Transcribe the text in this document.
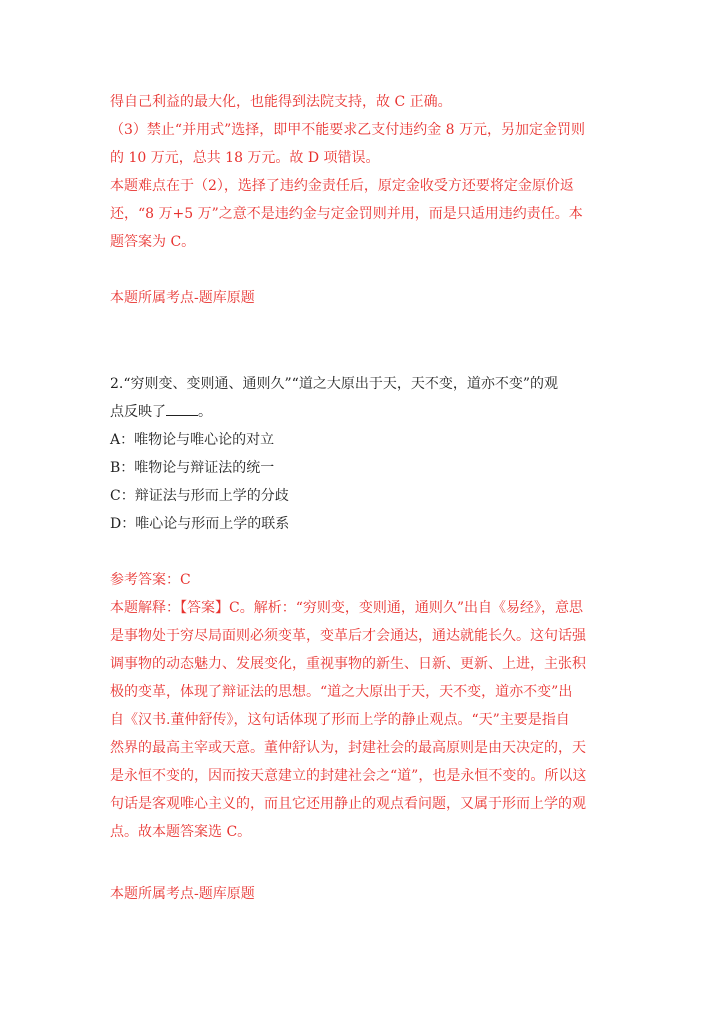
得自己利益的最大化，也能得到法院支持，故 C 正确。
（3）禁止“并用式”选择，即甲不能要求乙支付违约金 8 万元，另加定金罚则
的 10 万元，总共 18 万元。故 D 项错误。
本题难点在于（2），选择了违约金责任后，原定金收受方还要将定金原价返
还，“8 万+5 万”之意不是违约金与定金罚则并用，而是只适用违约责任。本
题答案为 C。
本题所属考点-题库原题
2.“穷则变、变则通、通则久”“道之大原出于天，天不变，道亦不变”的观
点反映了 。
A：唯物论与唯心论的对立
B：唯物论与辩证法的统一
C：辩证法与形而上学的分歧
D：唯心论与形而上学的联系
参考答案：C
本题解释：【答案】C。解析：“穷则变，变则通，通则久”出自《易经》，意思
是事物处于穷尽局面则必须变革，变革后才会通达，通达就能长久。这句话强
调事物的动态魅力、发展变化，重视事物的新生、日新、更新、上进，主张积
极的变革，体现了辩证法的思想。“道之大原出于天，天不变，道亦不变”出
自《汉书.董仲舒传》，这句话体现了形而上学的静止观点。“天”主要是指自
然界的最高主宰或天意。董仲舒认为，封建社会的最高原则是由天决定的，天
是永恒不变的，因而按天意建立的封建社会之“道”，也是永恒不变的。所以这
句话是客观唯心主义的，而且它还用静止的观点看问题，又属于形而上学的观
点。故本题答案选 C。
本题所属考点-题库原题
